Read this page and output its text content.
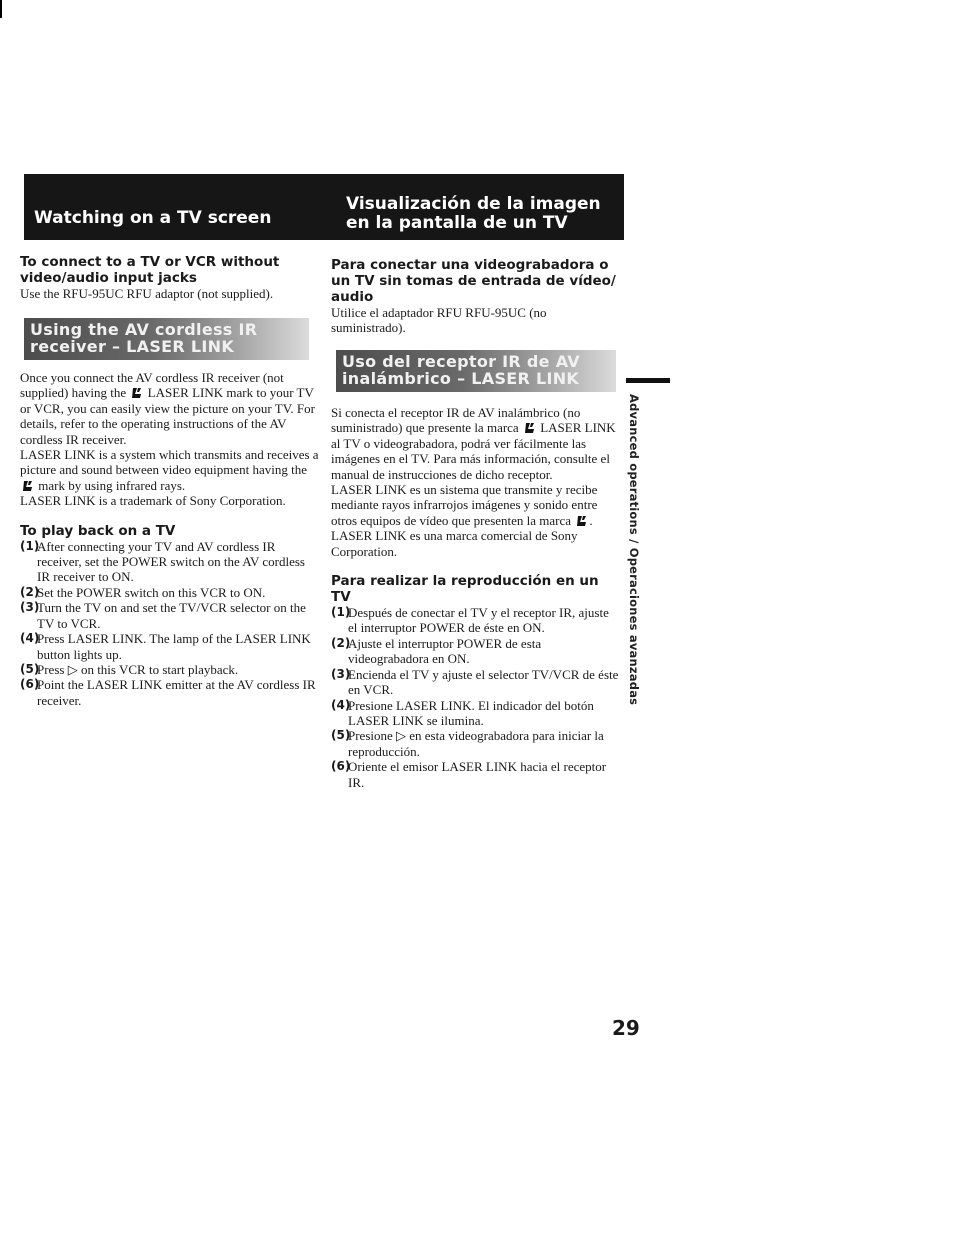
Watching on a TV screen
Visualización de la imagen en la pantalla de un TV
To connect to a TV or VCR without video/audio input jacks

Use the RFU-95UC RFU adaptor (not supplied).

Using the AV cordless IR receiver – LASER LINK

Once you connect the AV cordless IR receiver (not supplied) having the LASER LINK mark to your TV or VCR, you can easily view the picture on your TV. For details, refer to the operating instructions of the AV cordless IR receiver.

LASER LINK is a system which transmits and receives a picture and sound between video equipment having the  mark by using infrared rays.

LASER LINK is a trademark of Sony Corporation.

To play back on a TV
(1)
After connecting your TV and AV cordless IR receiver, set the POWER switch on the AV cordless IR receiver to ON.
(2)
Set the POWER switch on this VCR to ON.
(3)
Turn the TV on and set the TV/VCR selector on the TV to VCR.
(4)
Press LASER LINK. The lamp of the LASER LINK button lights up.
(5)
Press ▷ on this VCR to start playback.
(6)
Point the LASER LINK emitter at the AV cordless IR receiver.
Para conectar una videograbadora o un TV sin tomas de entrada de vídeo/ audio

Utilice el adaptador RFU RFU-95UC (no suministrado).

Uso del receptor IR de AV inalámbrico – LASER LINK

Si conecta el receptor IR de AV inalámbrico (no suministrado) que presente la marca LASER LINK al TV o videograbadora, podrá ver fácilmente las imágenes en el TV. Para más información, consulte el manual de instrucciones de dicho receptor.

LASER LINK es un sistema que transmite y recibe mediante rayos infrarrojos imágenes y sonido entre otros equipos de vídeo que presenten la marca .

LASER LINK es una marca comercial de Sony Corporation.

Para realizar la reproducción en un TV
(1)
Después de conectar el TV y el receptor IR, ajuste el interruptor POWER de éste en ON.
(2)
Ajuste el interruptor POWER de esta videograbadora en ON.
(3)
Encienda el TV y ajuste el selector TV/VCR de éste en VCR.
(4)
Presione LASER LINK. El indicador del botón LASER LINK se ilumina.
(5)
Presione ▷ en esta videograbadora para iniciar la reproducción.
(6)
Oriente el emisor LASER LINK hacia el receptor IR.
Advanced operations / Operaciones avanzadas
29
